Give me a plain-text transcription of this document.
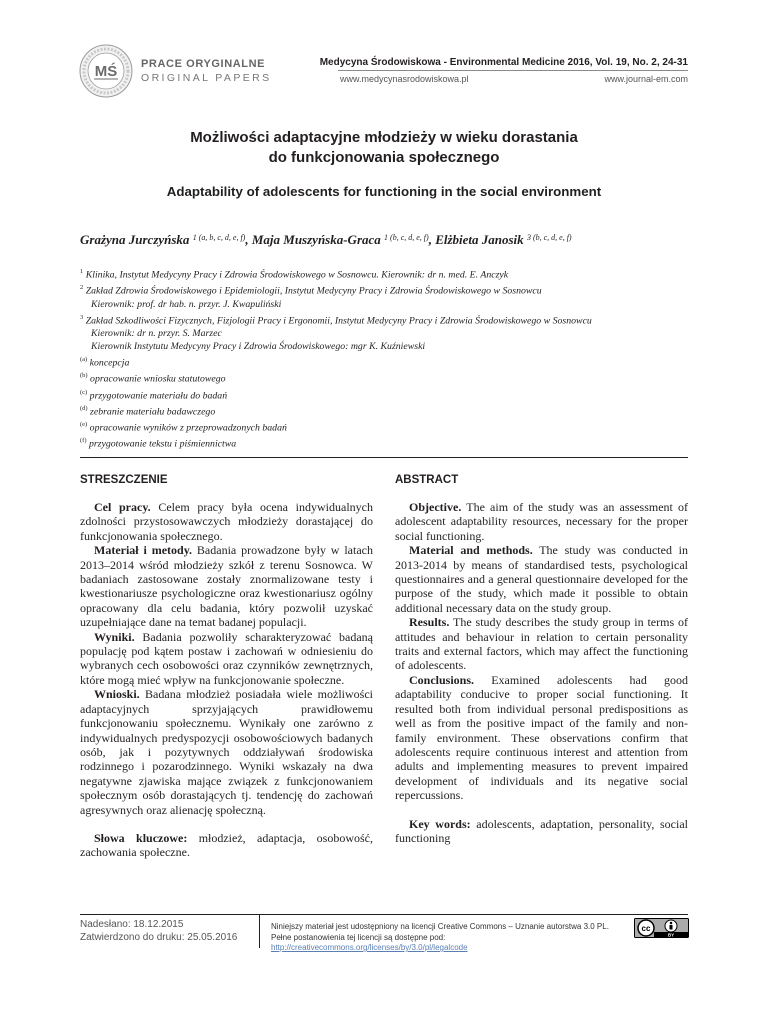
MŚ PRACE ORYGINALNE
ORIGINAL PAPERS
Medycyna Środowiskowa - Environmental Medicine 2016, Vol. 19, No. 2, 24-31
www.medycynasrodowiskowa.pl	www.journal-em.com
Możliwości adaptacyjne młodzieży w wieku dorastania
do funkcjonowania społecznego
Adaptability of adolescents for functioning in the social environment
Grażyna Jurczyńska $^{1 (a, b, c, d, e, f)}$, Maja Muszyńska-Graca $^{1 (b, c, d, e, f)}$, Elżbieta Janosik $^{3 (b, c, d, e, f)}$
$^1$ Klinika, Instytut Medycyny Pracy i Zdrowia Środowiskowego w Sosnowcu. Kierownik: dr n. med. E. Anczyk
$^2$ Zakład Zdrowia Środowiskowego i Epidemiologii, Instytut Medycyny Pracy i Zdrowia Środowiskowego w Sosnowcu
Kierownik: prof. dr hab. n. przyr. J. Kwapuliński
$^3$ Zakład Szkodliwości Fizycznych, Fizjologii Pracy i Ergonomii, Instytut Medycyny Pracy i Zdrowia Środowiskowego w Sosnowcu
Kierownik: dr n. przyr. S. Marzec
Kierownik Instytutu Medycyny Pracy i Zdrowia Środowiskowego: mgr K. Kuźniewski
$^{(a)}$ koncepcja
$^{(b)}$ opracowanie wniosku statutowego
$^{(c)}$ przygotowanie materiału do badań
$^{(d)}$ zebranie materiału badawczego
$^{(e)}$ opracowanie wyników z przeprowadzonych badań
$^{(f)}$ przygotowanie tekstu i piśmiennictwa
STRESZCZENIE	ABSTRACT

Cel pracy. Celem pracy była ocena indywidualnych zdolności przystosowawczych młodzieży dorastającej do funkcjonowania społecznego.

Materiał i metody. Badania prowadzone były w latach 2013–2014 wśród młodzieży szkół z terenu Sosnowca. W badaniach zastosowane zostały znormalizowane testy i kwestionariusze psychologiczne oraz kwestionariusz ogólny opracowany dla celu badania, który pozwolił uzyskać uzupełniające dane na temat badanej populacji.

Wyniki. Badania pozwoliły scharakteryzować badaną populację pod kątem postaw i zachowań w odniesieniu do wybranych cech osobowości oraz czynników zewnętrznych, które mogą mieć wpływ na funkcjonowanie społeczne.

Wnioski. Badana młodzież posiadała wiele możliwości adaptacyjnych sprzyjających prawidłowemu funkcjonowaniu społecznemu. Wynikały one zarówno z indywidualnych predyspozycji osobowościowych badanych osób, jak i pozytywnych oddziaływań środowiska rodzinnego i pozarodzinnego. Wyniki wskazały na dwa negatywne zjawiska mające związek z funkcjonowaniem społecznym osób dorastających tj. tendencję do zachowań agresywnych oraz alienację społeczną.

Słowa kluczowe: młodzież, adaptacja, osobowość, zachowania społeczne.

Objective. The aim of the study was an assessment of adolescent adaptability resources, necessary for the proper social functioning.

Material and methods. The study was conducted in 2013-2014 by means of standardised tests, psychological questionnaires and a general questionnaire developed for the purpose of the study, which made it possible to obtain additional necessary data on the study group.

Results. The study describes the study group in terms of attitudes and behaviour in relation to certain personality traits and external factors, which may affect the functioning of adolescents.

Conclusions. Examined adolescents had good adaptability conducive to proper social functioning. It resulted both from individual personal predispositions as well as from the positive impact of the family and non-family environment. These observations confirm that adolescents require continuous interest and attention from adults and implementing measures to prevent impaired development of individuals and its negative social repercussions.

Key words: adolescents, adaptation, personality, social functioning

Nadesłano: 18.12.2015
Zatwierdzono do druku: 25.05.2016
Niniejszy materiał jest udostępniony na licencji Creative Commons – Uznanie autorstwa 3.0 PL. Pełne postanowienia tej licencji są dostępne pod: http://creativecommons.org/licenses/by/3.0/pl/legalcode
cc
BY
